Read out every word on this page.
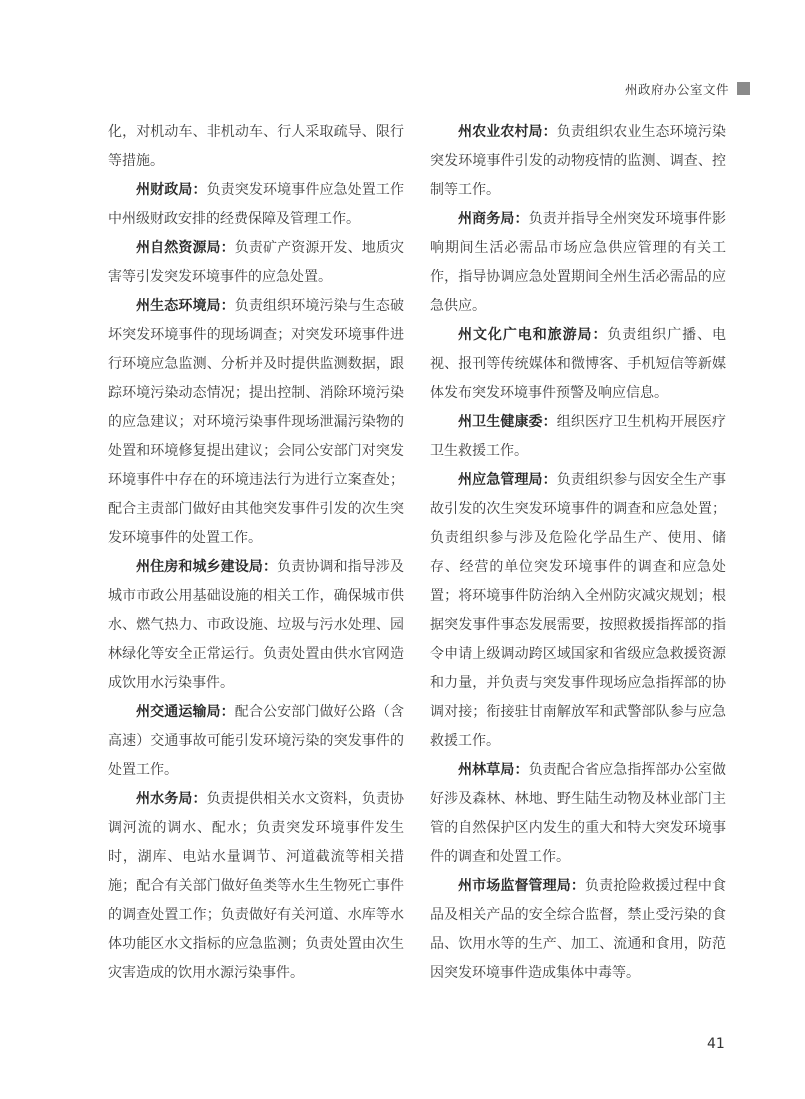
州政府办公室文件

化，对机动车、非机动车、行人采取疏导、限行等措施。

州财政局：负责突发环境事件应急处置工作中州级财政安排的经费保障及管理工作。

州自然资源局：负责矿产资源开发、地质灾害等引发突发环境事件的应急处置。

州生态环境局：负责组织环境污染与生态破坏突发环境事件的现场调查；对突发环境事件进行环境应急监测、分析并及时提供监测数据，跟踪环境污染动态情况；提出控制、消除环境污染的应急建议；对环境污染事件现场泄漏污染物的处置和环境修复提出建议；会同公安部门对突发环境事件中存在的环境违法行为进行立案查处；配合主责部门做好由其他突发事件引发的次生突发环境事件的处置工作。

州住房和城乡建设局：负责协调和指导涉及城市市政公用基础设施的相关工作，确保城市供水、燃气热力、市政设施、垃圾与污水处理、园林绿化等安全正常运行。负责处置由供水官网造成饮用水污染事件。

州交通运输局：配合公安部门做好公路（含高速）交通事故可能引发环境污染的突发事件的处置工作。

州水务局：负责提供相关水文资料，负责协调河流的调水、配水；负责突发环境事件发生时，湖库、电站水量调节、河道截流等相关措施；配合有关部门做好鱼类等水生生物死亡事件的调查处置工作；负责做好有关河道、水库等水体功能区水文指标的应急监测；负责处置由次生灾害造成的饮用水源污染事件。

州农业农村局：负责组织农业生态环境污染突发环境事件引发的动物疫情的监测、调查、控制等工作。

州商务局：负责并指导全州突发环境事件影响期间生活必需品市场应急供应管理的有关工作，指导协调应急处置期间全州生活必需品的应急供应。

州文化广电和旅游局：负责组织广播、电视、报刊等传统媒体和微博客、手机短信等新媒体发布突发环境事件预警及响应信息。

州卫生健康委：组织医疗卫生机构开展医疗卫生救援工作。

州应急管理局：负责组织参与因安全生产事故引发的次生突发环境事件的调查和应急处置；负责组织参与涉及危险化学品生产、使用、储存、经营的单位突发环境事件的调查和应急处置；将环境事件防治纳入全州防灾减灾规划；根据突发事件事态发展需要，按照救援指挥部的指令申请上级调动跨区域国家和省级应急救援资源和力量，并负责与突发事件现场应急指挥部的协调对接；衔接驻甘南解放军和武警部队参与应急救援工作。

州林草局：负责配合省应急指挥部办公室做好涉及森林、林地、野生陆生动物及林业部门主管的自然保护区内发生的重大和特大突发环境事件的调查和处置工作。

州市场监督管理局：负责抢险救援过程中食品及相关产品的安全综合监督，禁止受污染的食品、饮用水等的生产、加工、流通和食用，防范因突发环境事件造成集体中毒等。

41
